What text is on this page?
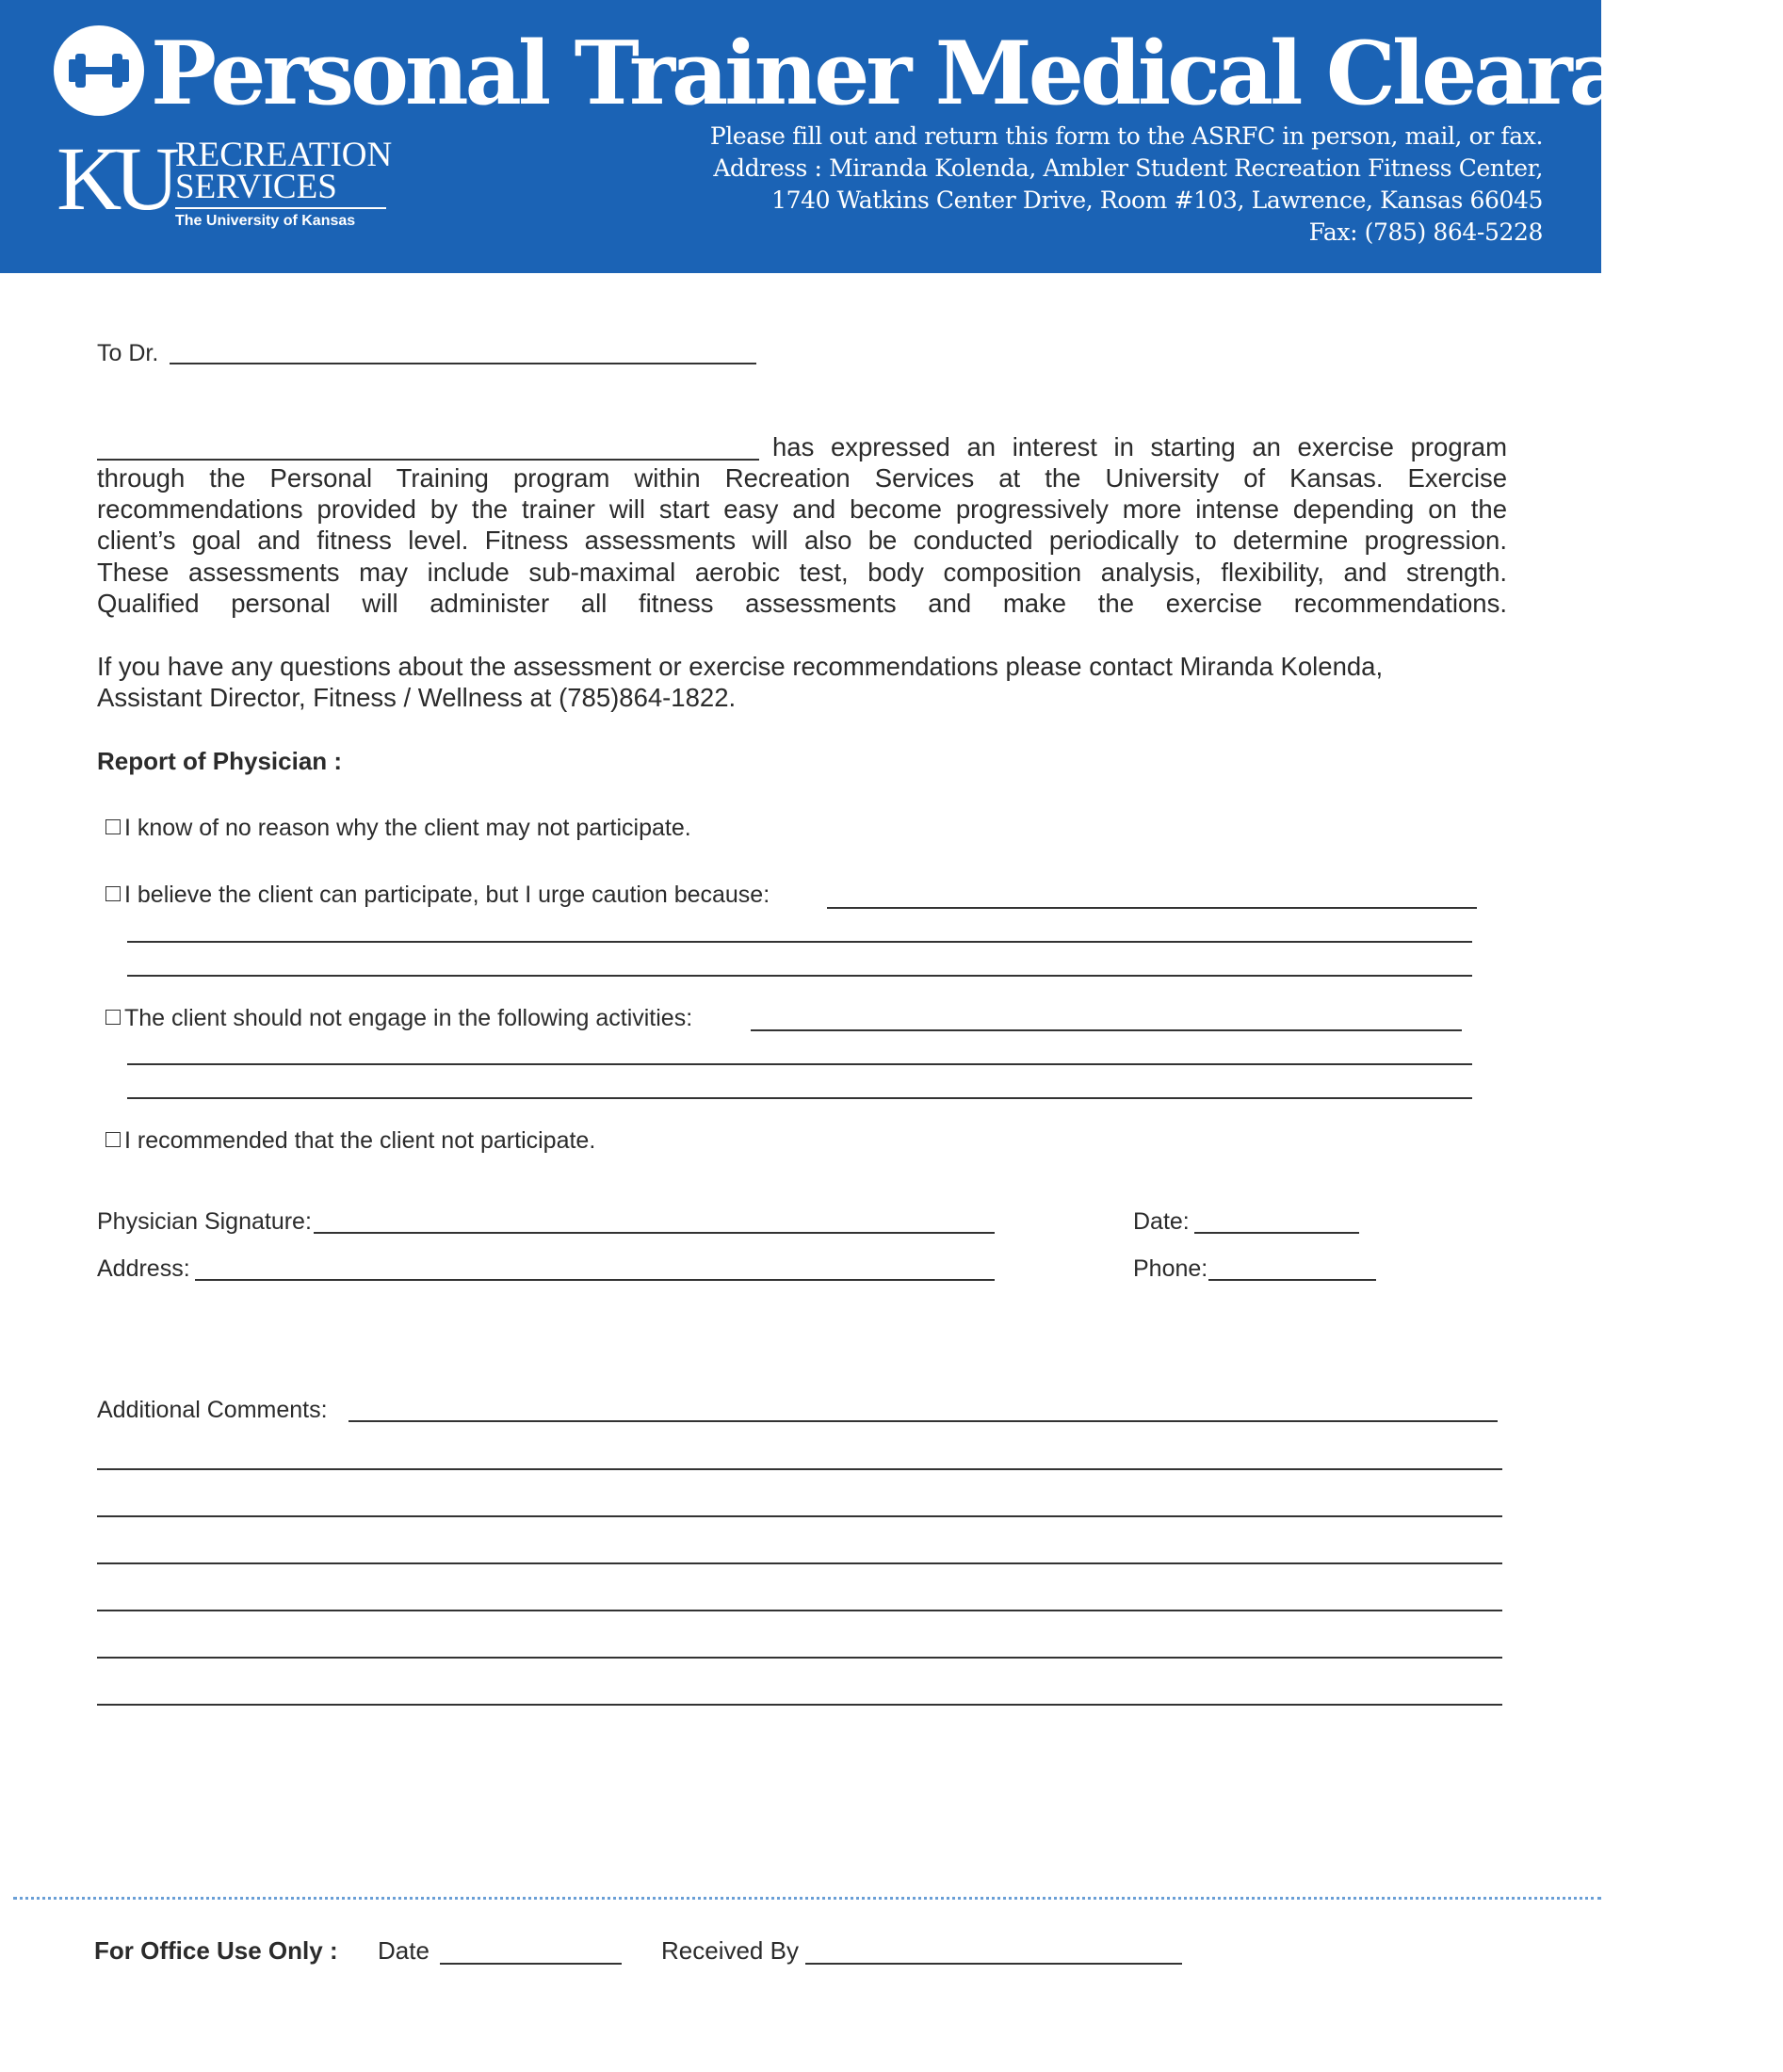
Personal Trainer Medical Clearance
KU RECREATION
SERVICES
The University of Kansas
Please fill out and return this form to the ASRFC in person, mail, or fax.
Address : Miranda Kolenda, Ambler Student Recreation Fitness Center,
1740 Watkins Center Drive, Room #103, Lawrence, Kansas 66045
Fax: (785) 864-5228
To Dr.

has expressed an interest in starting an exercise program

through the Personal Training program within Recreation Services at the University of Kansas. Exercise

recommendations provided by the trainer will start easy and become progressively more intense depending on the

client’s goal and fitness level. Fitness assessments will also be conducted periodically to determine progression.

These assessments may include sub-maximal aerobic test, body composition analysis, flexibility, and strength.

Qualified personal will administer all fitness assessments and make the exercise recommendations.

If you have any questions about the assessment or exercise recommendations please contact Miranda Kolenda,

Assistant Director, Fitness / Wellness at (785)864-1822.

Report of Physician :
I know of no reason why the client may not participate.
I believe the client can participate, but I urge caution because:
The client should not engage in the following activities:
I recommended that the client not participate.
Physician Signature:	Date:
Address:	Phone:
Additional Comments:
For Office Use Only : Date	Received By
